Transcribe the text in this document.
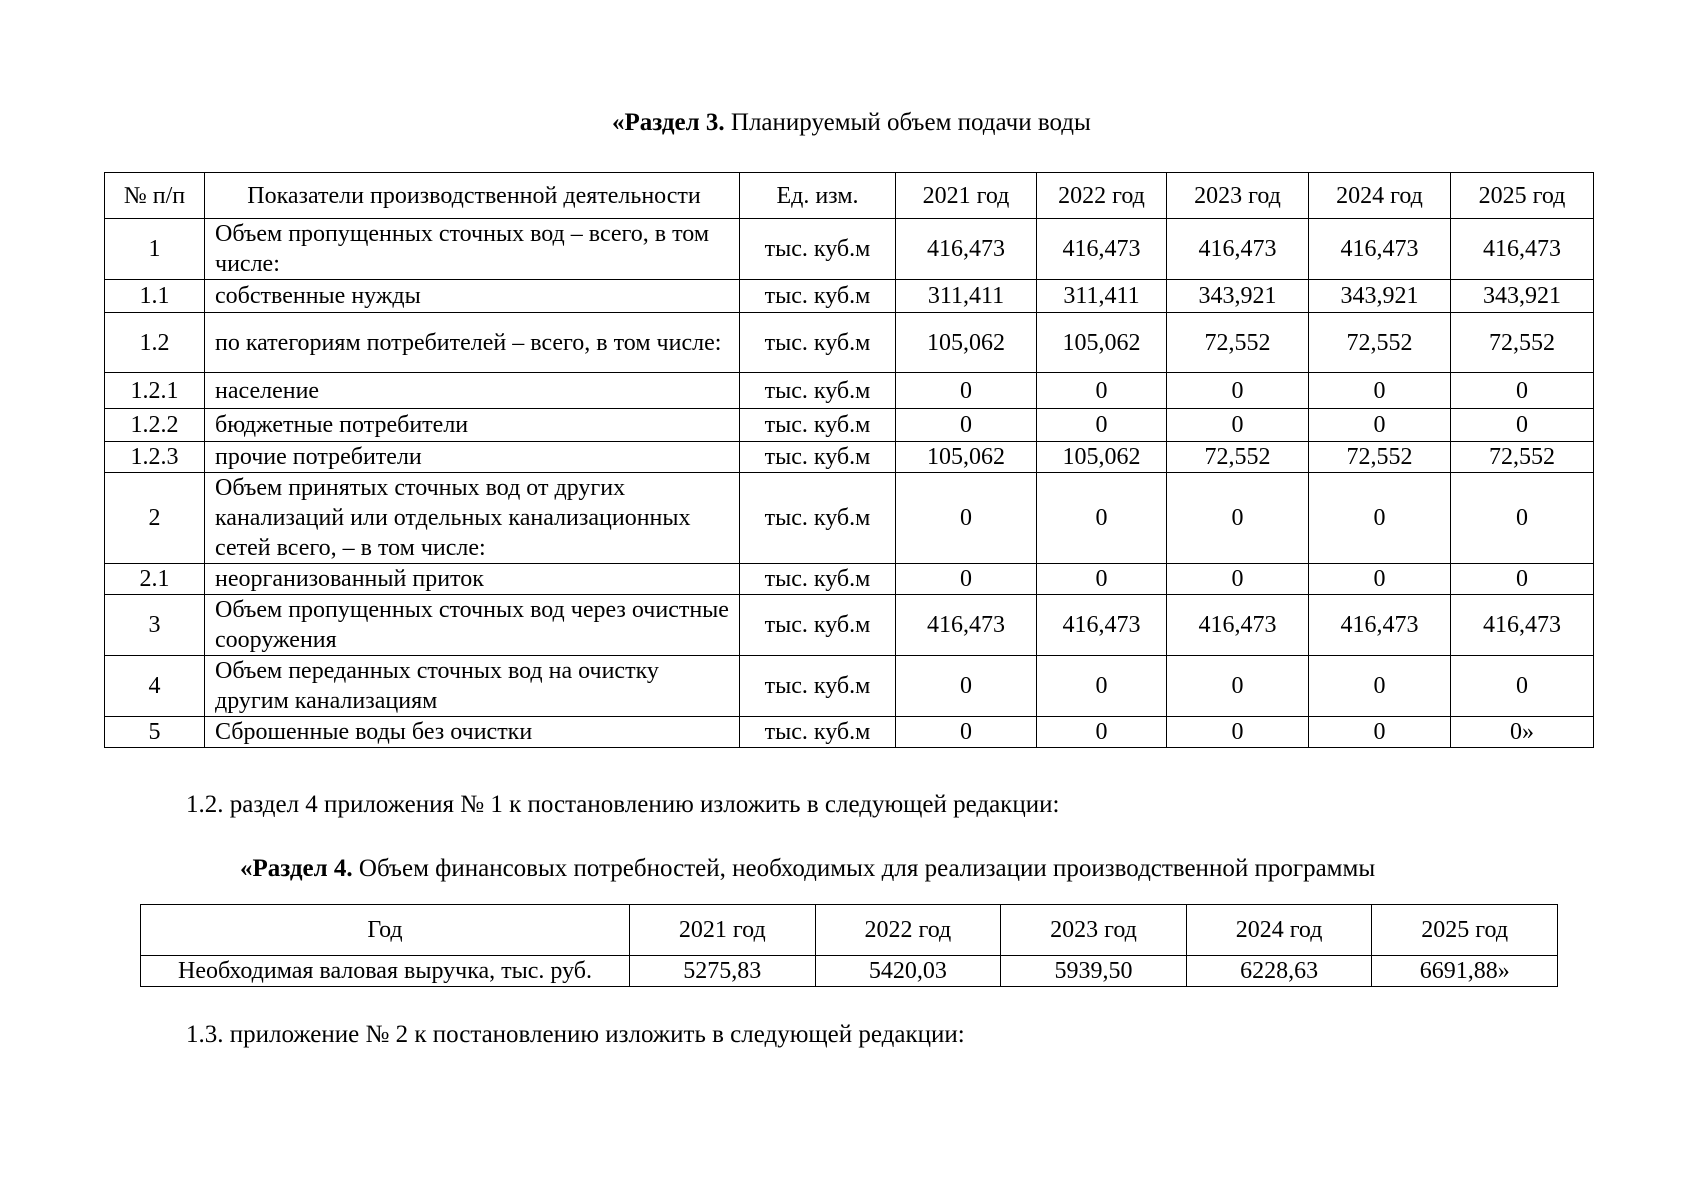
«Раздел 3. Планируемый объем подачи воды
№ п/п	Показатели производственной деятельности	Ед. изм.	2021 год	2022 год	2023 год	2024 год	2025 год
1	Объем пропущенных сточных вод – всего, в том числе:	тыс. куб.м	416,473	416,473	416,473	416,473	416,473
1.1	собственные нужды	тыс. куб.м	311,411	311,411	343,921	343,921	343,921
1.2	по категориям потребителей – всего, в том числе:	тыс. куб.м	105,062	105,062	72,552	72,552	72,552
1.2.1	население	тыс. куб.м	0	0	0	0	0
1.2.2	бюджетные потребители	тыс. куб.м	0	0	0	0	0
1.2.3	прочие потребители	тыс. куб.м	105,062	105,062	72,552	72,552	72,552
2	Объем принятых сточных вод от других канализаций или отдельных канализационных сетей всего, – в том числе:	тыс. куб.м	0	0	0	0	0
2.1	неорганизованный приток	тыс. куб.м	0	0	0	0	0
3	Объем пропущенных сточных вод через очистные сооружения	тыс. куб.м	416,473	416,473	416,473	416,473	416,473
4	Объем переданных сточных вод на очистку другим канализациям	тыс. куб.м	0	0	0	0	0
5	Сброшенные воды без очистки	тыс. куб.м	0	0	0	0	0»
1.2. раздел 4 приложения № 1 к постановлению изложить в следующей редакции:
«Раздел 4. Объем финансовых потребностей, необходимых для реализации производственной программы
Год	2021 год	2022 год	2023 год	2024 год	2025 год
Необходимая валовая выручка, тыс. руб.	5275,83	5420,03	5939,50	6228,63	6691,88»
1.3. приложение № 2 к постановлению изложить в следующей редакции:
